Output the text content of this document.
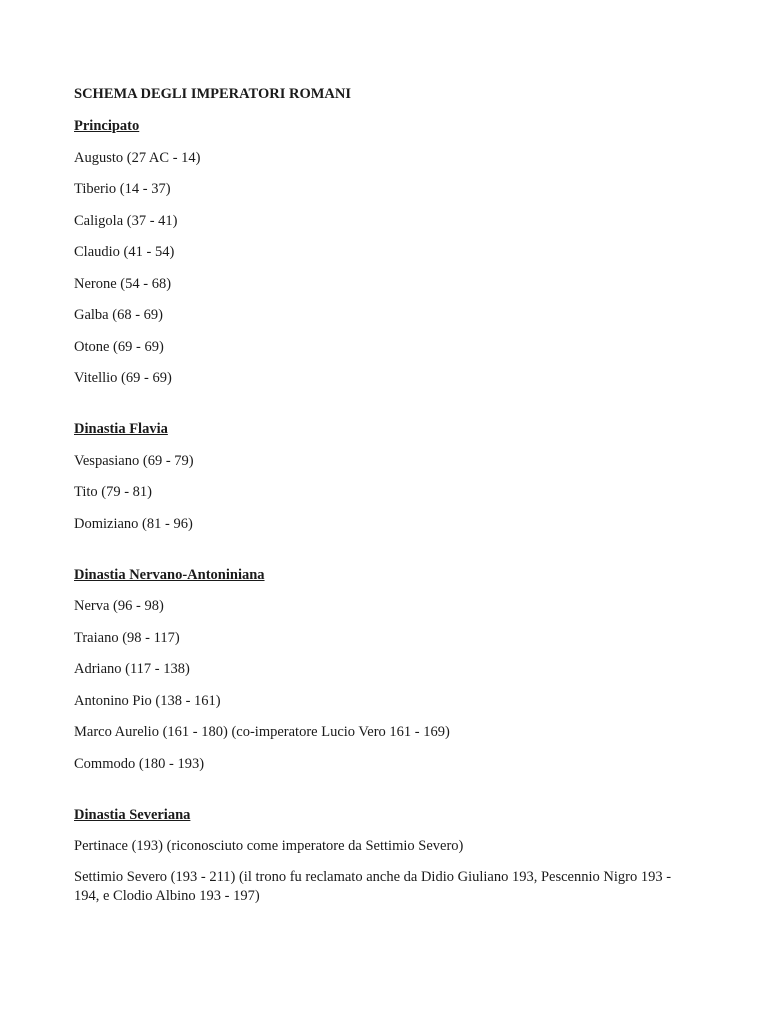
SCHEMA DEGLI IMPERATORI ROMANI
Principato
Augusto (27 AC - 14)
Tiberio (14 - 37)
Caligola (37 - 41)
Claudio (41 - 54)
Nerone (54 - 68)
Galba (68 - 69)
Otone (69 - 69)
Vitellio (69 - 69)
Dinastia Flavia
Vespasiano (69 - 79)
Tito (79 - 81)
Domiziano (81 - 96)
Dinastia Nervano-Antoniniana
Nerva (96 - 98)
Traiano (98 - 117)
Adriano (117 - 138)
Antonino Pio (138 - 161)
Marco Aurelio (161 - 180) (co-imperatore Lucio Vero 161 - 169)
Commodo (180 - 193)
Dinastia Severiana
Pertinace (193) (riconosciuto come imperatore da Settimio Severo)
Settimio Severo (193 - 211) (il trono fu reclamato anche da Didio Giuliano 193, Pescennio Nigro 193 - 194, e Clodio Albino 193 - 197)
